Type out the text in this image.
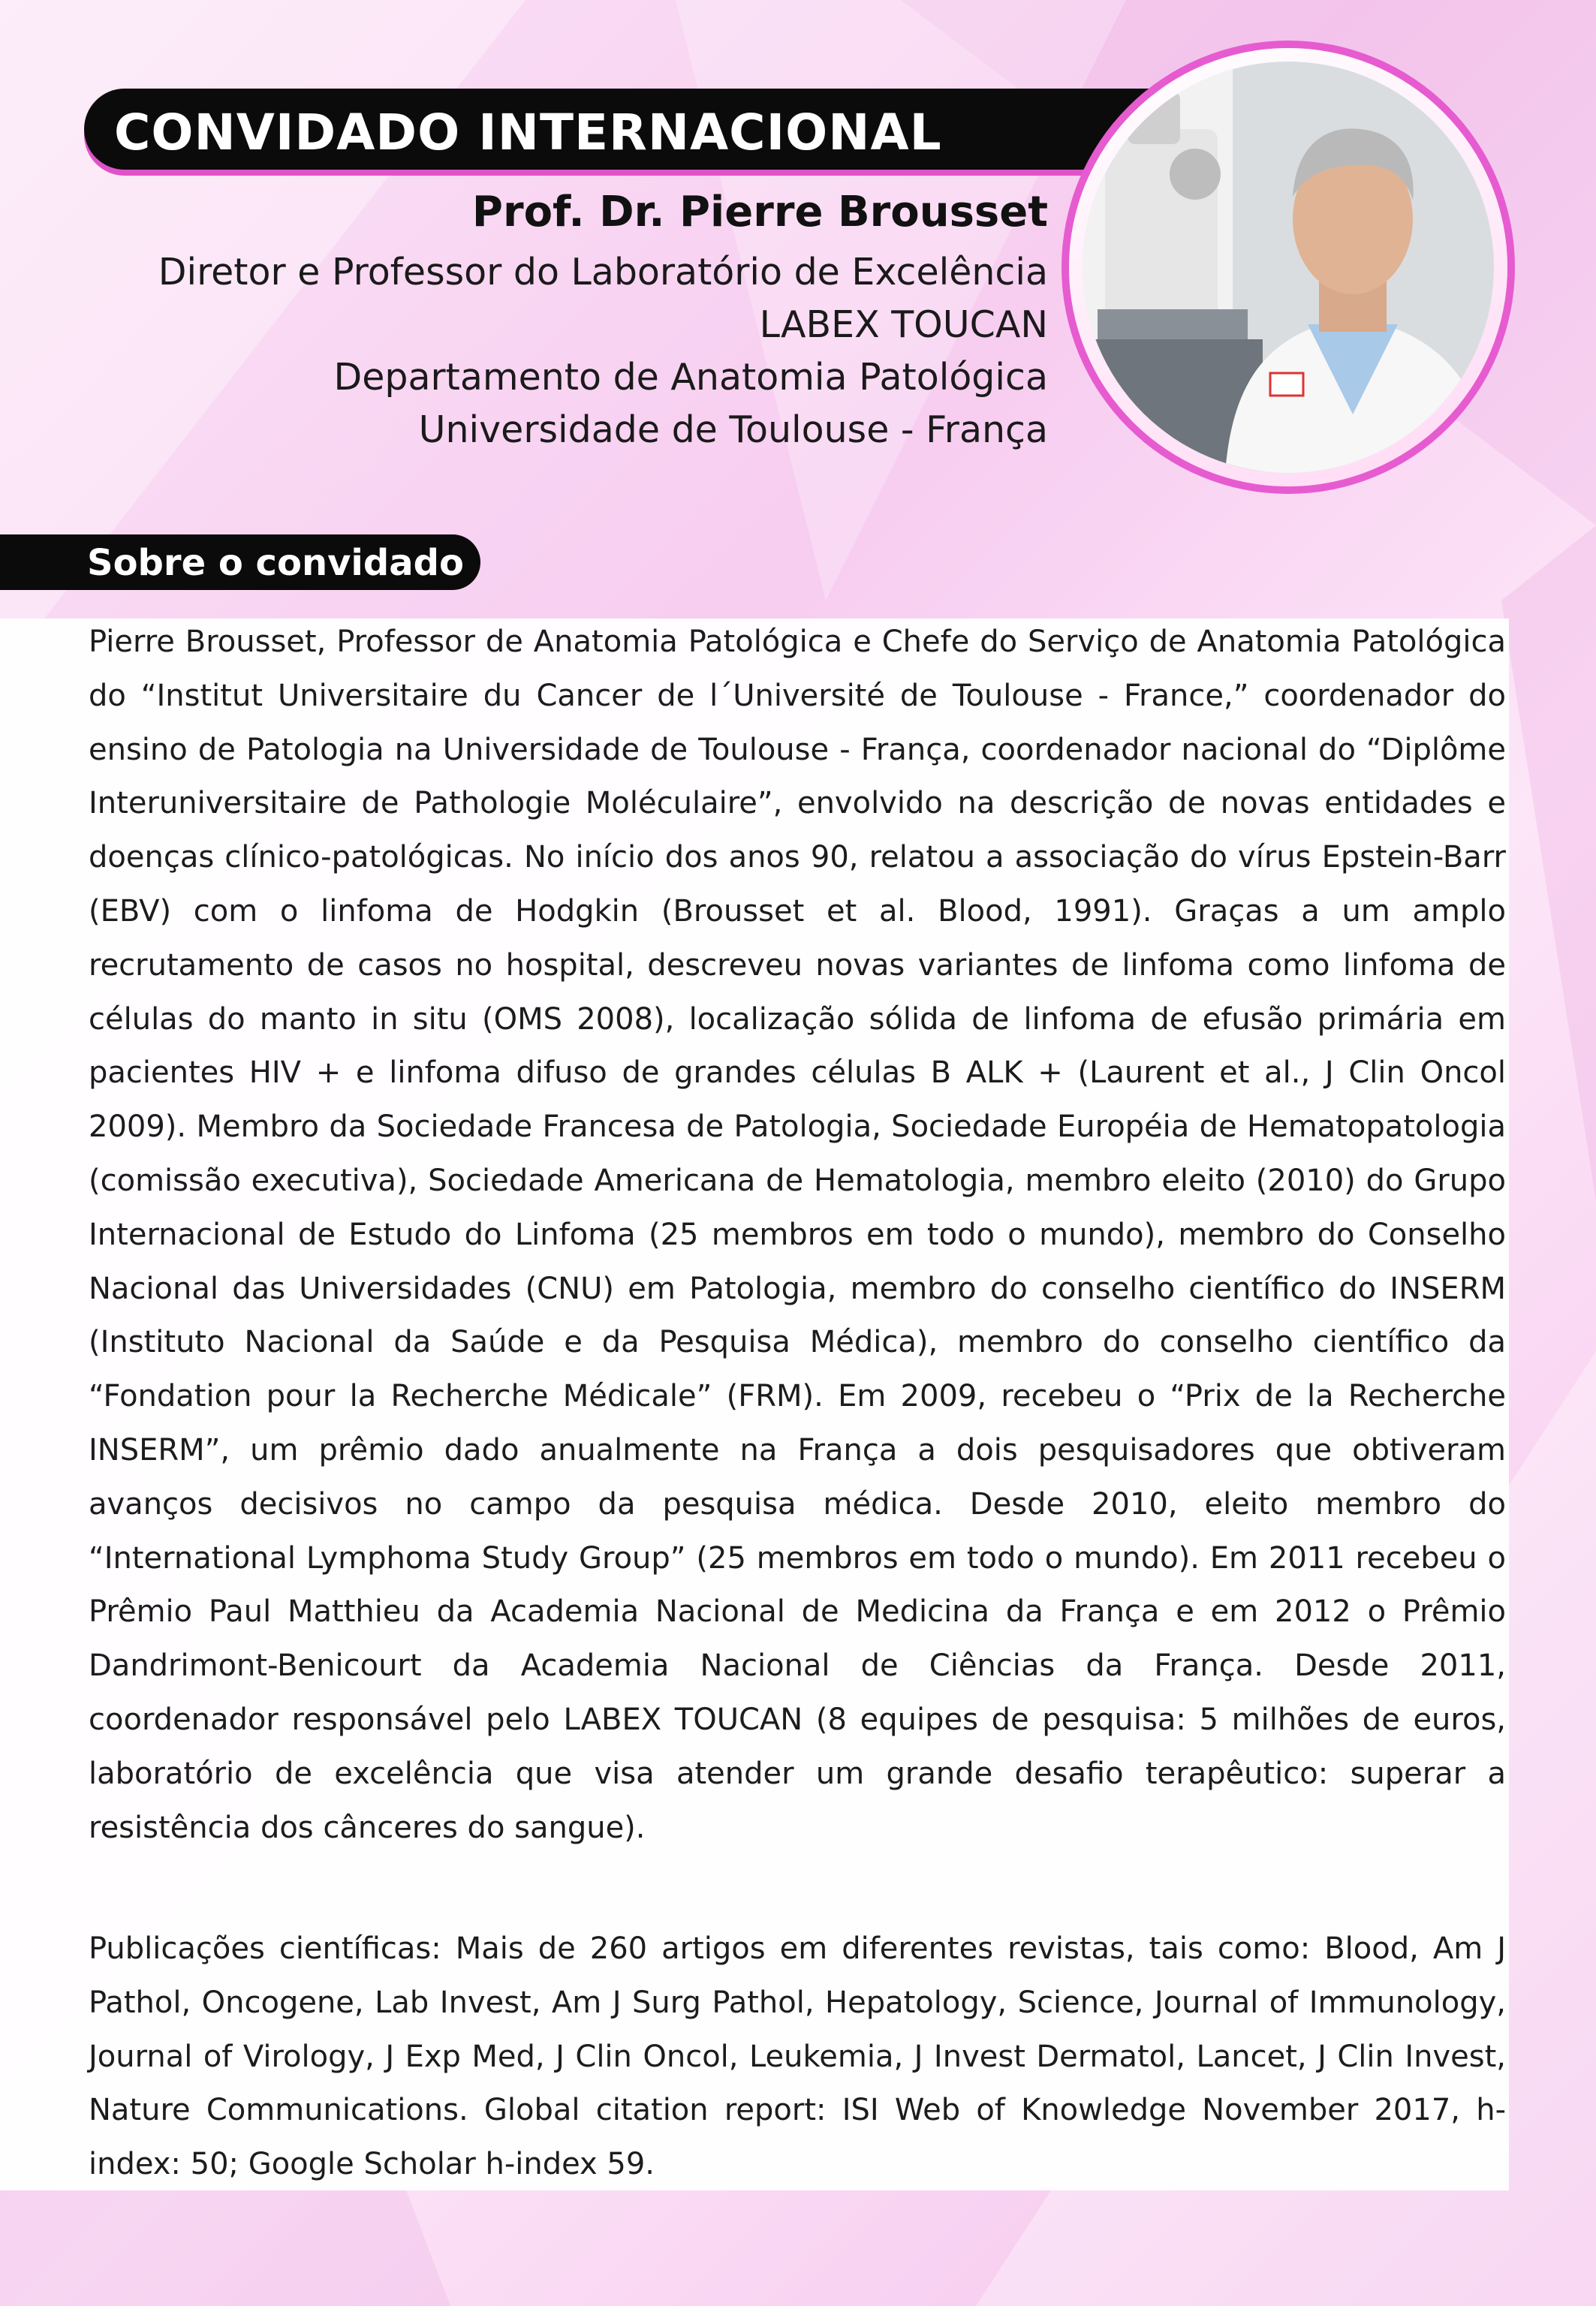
CONVIDADO INTERNACIONAL
Prof. Dr. Pierre Brousset
Diretor e Professor do Laboratório de Excelência
LABEX TOUCAN
Departamento de Anatomia Patológica
Universidade de Toulouse - França
Sobre o convidado

Pierre Brousset, Professor de Anatomia Patológica e Chefe do Serviço de Anatomia Patológica do “Institut Universitaire du Cancer de l´Université de Toulouse - France,” coordenador do ensino de Patologia na Universidade de Toulouse - França, coordenador nacional do “Diplôme Interuniversitaire de Pathologie Moléculaire”, envolvido na descrição de novas entidades e doenças clínico-patológicas. No início dos anos 90, relatou a associação do vírus Epstein-Barr (EBV) com o linfoma de Hodgkin (Brousset et al. Blood, 1991). Graças a um amplo recrutamento de casos no hospital, descreveu novas variantes de linfoma como linfoma de células do manto in situ (OMS 2008), localização sólida de linfoma de efusão primária em pacientes HIV + e linfoma difuso de grandes células B ALK + (Laurent et al., J Clin Oncol 2009). Membro da Sociedade Francesa de Patologia, Sociedade Européia de Hematopatologia (comissão executiva), Sociedade Americana de Hematologia, membro eleito (2010) do Grupo Internacional de Estudo do Linfoma (25 membros em todo o mundo), membro do Conselho Nacional das Universidades (CNU) em Patologia, membro do conselho científico do INSERM (Instituto Nacional da Saúde e da Pesquisa Médica), membro do conselho científico da “Fondation pour la Recherche Médicale” (FRM). Em 2009, recebeu o “Prix de la Recherche INSERM”, um prêmio dado anualmente na França a dois pesquisadores que obtiveram avanços decisivos no campo da pesquisa médica. Desde 2010, eleito membro do “International Lymphoma Study Group” (25 membros em todo o mundo). Em 2011 recebeu o Prêmio Paul Matthieu da Academia Nacional de Medicina da França e em 2012 o Prêmio Dandrimont-Benicourt da Academia Nacional de Ciências da França. Desde 2011, coordenador responsável pelo LABEX TOUCAN (8 equipes de pesquisa: 5 milhões de euros, laboratório de excelência que visa atender um grande desafio terapêutico: superar a resistência dos cânceres do sangue).

Publicações científicas: Mais de 260 artigos em diferentes revistas, tais como: Blood, Am J Pathol, Oncogene, Lab Invest, Am J Surg Pathol, Hepatology, Science, Journal of Immunology, Journal of Virology, J Exp Med, J Clin Oncol, Leukemia, J Invest Dermatol, Lancet, J Clin Invest, Nature Communications. Global citation report: ISI Web of Knowledge November 2017, h-index: 50; Google Scholar h-index 59.
